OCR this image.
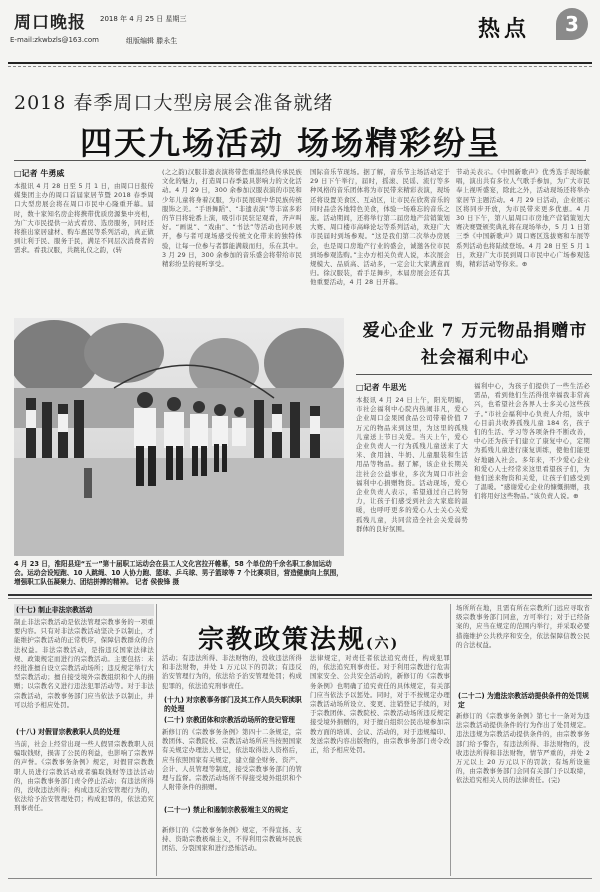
周口晚报
E-mail:zkwbzls@163.com
2018 年 4 月 25 日 星期三
组版编辑 滕永生	热点	3
2018 春季周口大型房展会准备就绪
四天九场活动 场场精彩纷呈
□记者 牛勇威
本报讯 4 月 28 日至 5 月 1 日，由周口日报传媒集团主办的周口首届家居节暨 2018 春季周口大型房展会将在周口市民中心隆重开幕。届时，数十家知名房企将携带优质房源集中亮相，为广大市民提供一站式看房、选房服务，同时还将推出家居建材、购车惠民等系列活动，真正做到让利于民、服务于民，满足不同层次消费者的需求。看我汉服，共跳礼仪之韵，(转
(之之韵)汉服非遗表演将带您重温经典传承民族文化的魅力，打造周口春季最具影响力的文化活动。4 月 29 日，300 余参加汉服表演的市民和少年儿童将身着汉服，为市民展现中华民族传统服饰之美。“手语舞蹈”、“非遗表演”等丰富多彩的节目将轮番上演，吸引市民驻足观看，齐声叫好。“画说”、“戏曲”、“书法”等活动也同步展开，参与者可现场感受传统文化带来的独特体验，让每一位参与者都能满载而归，乐在其中。3 月 29 日，300 余参加的音乐盛会将带给市民精彩纷呈的视听享受。
国际音乐节现场。据了解，音乐节主场活动定于 29 日下午举行，届时，摇滚、民谣、流行等多种风格的音乐团体将为市民带来精彩表演，现场还将设置美食区、互动区，让市民在欣赏音乐的同时品尝各地特色美食，体验一场难忘的音乐之旅。活动期间，还将举行第二届房地产营销策划大赛、周口楼市高峰论坛等系列活动，欢迎广大市民届时到场参观。“这是我们第二次举办房展会，也是周口房地产行业的盛会，诚邀各位市民到场参观选购。”主办方相关负责人说，本次展会规模大、品质高、活动多，一定会让大家满意而归。徐汉服装，看手足舞步，本届房展会还有其他重要活动，4 月 28 日开幕。
节动关表示。《中国新歌声》优秀选手现场献唱，演出共有多位人气歌手参加，为广大市民奉上视听盛宴，除此之外，活动现场还将举办家居节主题活动。4 月 29 日活动，企业展示区将同步开放，为市民带来更多优惠。4 月 30 日下午，第八届周口市房地产营销策划大赛决赛暨颁奖典礼将在现场举办，5 月 1 日第三季《中国新歌声》周口赛区选拔赛和车展等系列活动也将陆续登场。4 月 28 日至 5 月 1 日，欢迎广大市民到周口市民中心广场参观选购，精彩活动等你来。⊕
4 月 23 日，淮阳县迎“五一”第十届职工运动会在县工人文化宫拉开帷幕，58 个单位的千余名职工参加运动会。运动会设短跑、10 人跳绳、10 人协力跑、篮球、乒乓球、男子篮球等 7 个比赛项目，营造健康向上氛围，增强职工队伍凝聚力、团结拼搏的精神。 记者 侯俊锋 摄
爱心企业 7 万元物品捐赠市社会福利中心
□记者 牛思光
本报讯 4 月 24 日上午，阳光明媚，市社会福利中心院内热闹非凡，爱心企业周口金果园食品公司带着价值 7 万元的物品来到这里，为这里的孤残儿童送上节日关爱。当天上午，爱心企业负责人一行为孤残儿童送来了大米、食用油、牛奶、儿童服装和生活用品等物品。据了解，该企业长期关注社会公益事业，多次为周口市社会福利中心捐赠物资。活动现场，爱心企业负责人表示，希望通过自己的努力，让孩子们感受到社会大家庭的温暖，也呼吁更多的爱心人士关心关爱孤残儿童，共同营造全社会关爱弱势群体的良好氛围。
福利中心，为孩子们提供了一些生活必需品，看到他们生活得很幸福我非常高兴，也希望社会各界人士多关心这些孩子。”市社会福利中心负责人介绍，该中心目前共收养孤残儿童 184 名，孩子们的生活、学习等各项条件不断改善，中心还为孩子们建立了康复中心，定期为孤残儿童进行康复训练，使他们能更好地融入社会。多年来，不少爱心企业和爱心人士经常来这里看望孩子们，为他们送来物资和关爱，让孩子们感受到了温暖。“感谢爱心企业的慷慨捐赠，我们将用好这些物品。”该负责人说。⊕
(十七) 制止非法宗教活动
制止非法宗教活动是依法管理宗教事务的一项重要内容。只有对非法宗教活动坚决予以制止，才能维护宗教活动的正常秩序，保障信教群众的合法权益。非法宗教活动，是指违反国家法律法规、政策规定而进行的宗教活动。主要包括：未经批准擅自设立宗教活动场所；违反规定举行大型宗教活动；擅自接受境外宗教组织和个人的捐赠；以宗教名义进行违法犯罪活动等。对于非法宗教活动，宗教事务部门应当依法予以制止，并可以给予相应处罚。
(十八) 对假冒宗教教职人员的处理
当前，社会上经常出现一些人假冒宗教教职人员骗取钱财，损害了公民的利益，也影响了宗教界的声誉。《宗教事务条例》规定，对假冒宗教教职人员进行宗教活动或者骗取钱财等违法活动的，由宗教事务部门责令停止活动；有违法所得的，没收违法所得；构成违反治安管理行为的，依法给予治安管理处罚；构成犯罪的，依法追究刑事责任。
宗教政策法规(六)
活动；有违法所得、非法财物的，没收违法所得和非法财物，并处 1 万元以下的罚款；有违反治安管理行为的，依法给予治安管理处罚；构成犯罪的，依法追究刑事责任。
(十九) 对宗教事务部门及其工作人员失职渎职的处理
(二十) 宗教团体和宗教活动场所的登记管理
新修订的《宗教事务条例》第四十二条规定，宗教团体、宗教院校、宗教活动场所应当按照国家有关规定办理法人登记，依法取得法人资格后，应当依照国家有关规定，建立健全财务、资产、会计、人员管理等制度，接受宗教事务部门的管理与监督。宗教活动场所不得接受境外组织和个人附带条件的捐赠。
(二十一) 禁止和遏制宗教极端主义的规定
新修订的《宗教事务条例》规定，不得宣扬、支持、资助宗教极端主义，不得利用宗教破坏民族团结、分裂国家和进行恐怖活动。
法律规定，对责任者依法追究责任，构成犯罪的，依法追究刑事责任。对于利用宗教进行危害国家安全、公共安全活动的，新修订的《宗教事务条例》也明确了追究责任的具体规定，有关部门应当依法予以惩处。同时，对于不按规定办理宗教活动场所设立、变更、注销登记手续的，对于宗教团体、宗教院校、宗教活动场所违反规定接受境外捐赠的，对于擅自组织公民出境参加宗教方面的培训、会议、活动的，对于违规编印、发送宗教内容出版物的，由宗教事务部门责令改正，给予相应处罚。
场所所在地，且需有所在宗教所门远应寻取省级宗教事务部门同意，方可举行；对于已经备案的，应当在规定的范围内举行，并采取必要措施维护公共秩序和安全，依法保障信教公民的合法权益。
(二十二) 为遗法宗教活动提供条件的处罚规定
新修订的《宗教事务条例》第七十一条对为违法宗教活动提供条件的行为作出了处罚规定。违法违规为宗教活动提供条件的，由宗教事务部门给予警告，有违法所得、非法财物的，没收违法所得和非法财物，情节严重的，并处 2 万元以上 20 万元以下的罚款；有场所设施的，由宗教事务部门会同有关部门予以取缔，依法追究相关人员的法律责任。(完)
